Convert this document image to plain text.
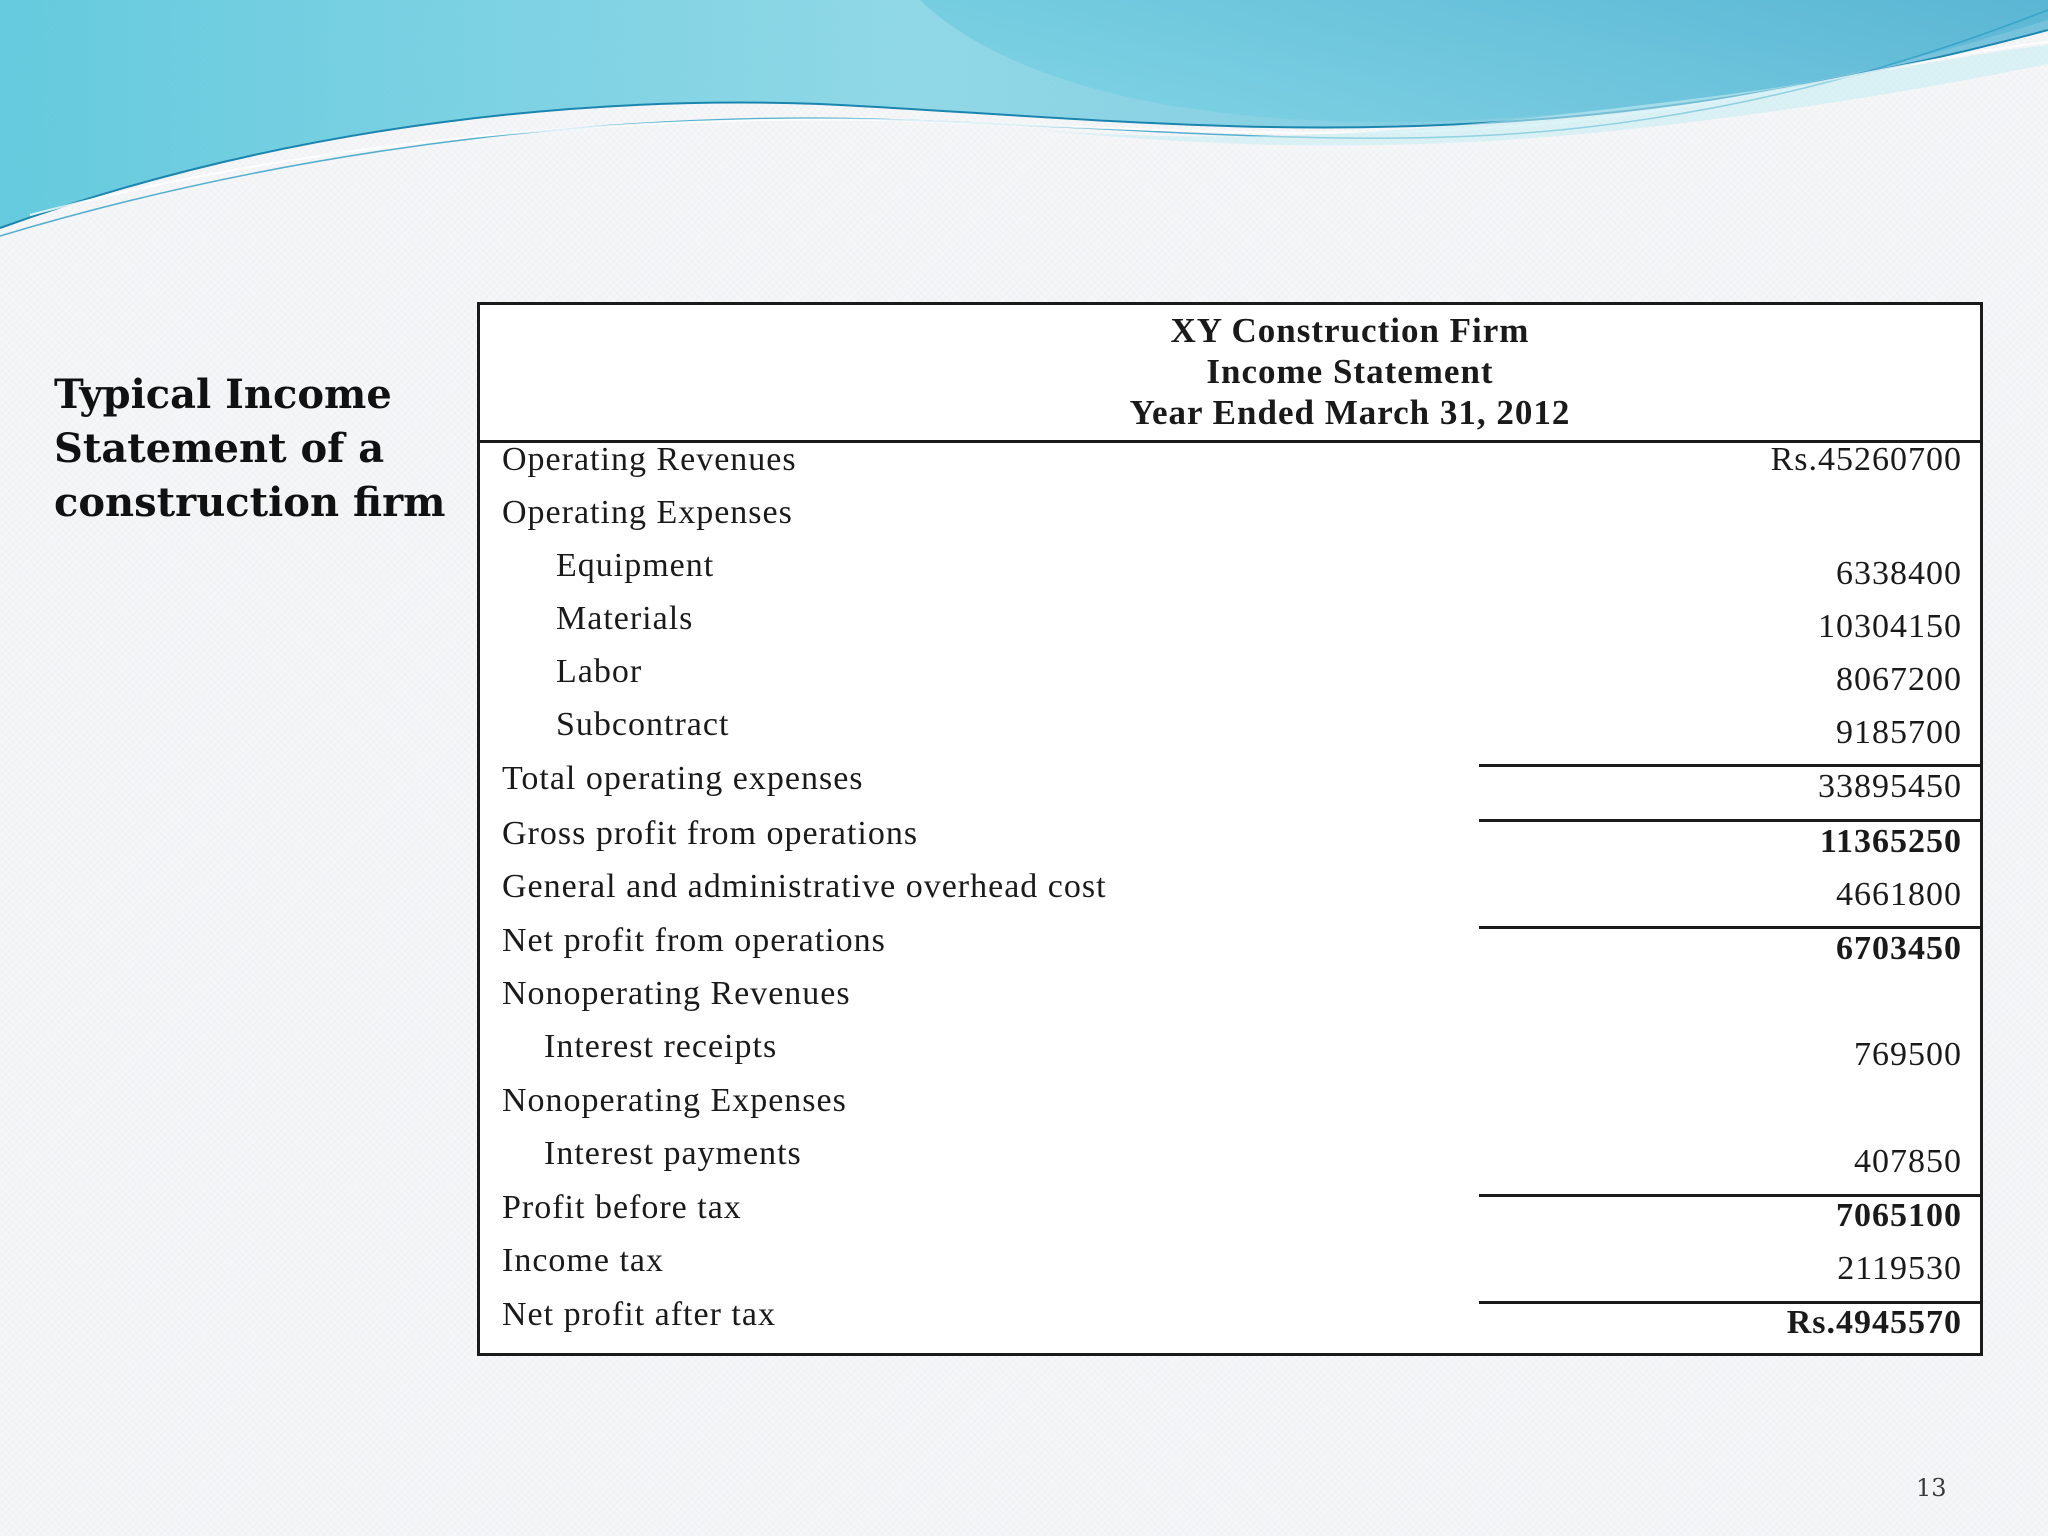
Typical Income
Statement of a
construction firm
XY Construction Firm
Income Statement
Year Ended March 31, 2012
Operating Revenues	Rs.45260700
Operating Expenses
Equipment	6338400
Materials	10304150
Labor	8067200
Subcontract	9185700
Total operating expenses	33895450
Gross profit from operations	11365250
General and administrative overhead cost	4661800
Net profit from operations	6703450
Nonoperating Revenues
Interest receipts	769500
Nonoperating Expenses
Interest payments	407850
Profit before tax	7065100
Income tax	2119530
Net profit after tax	Rs.4945570
13
